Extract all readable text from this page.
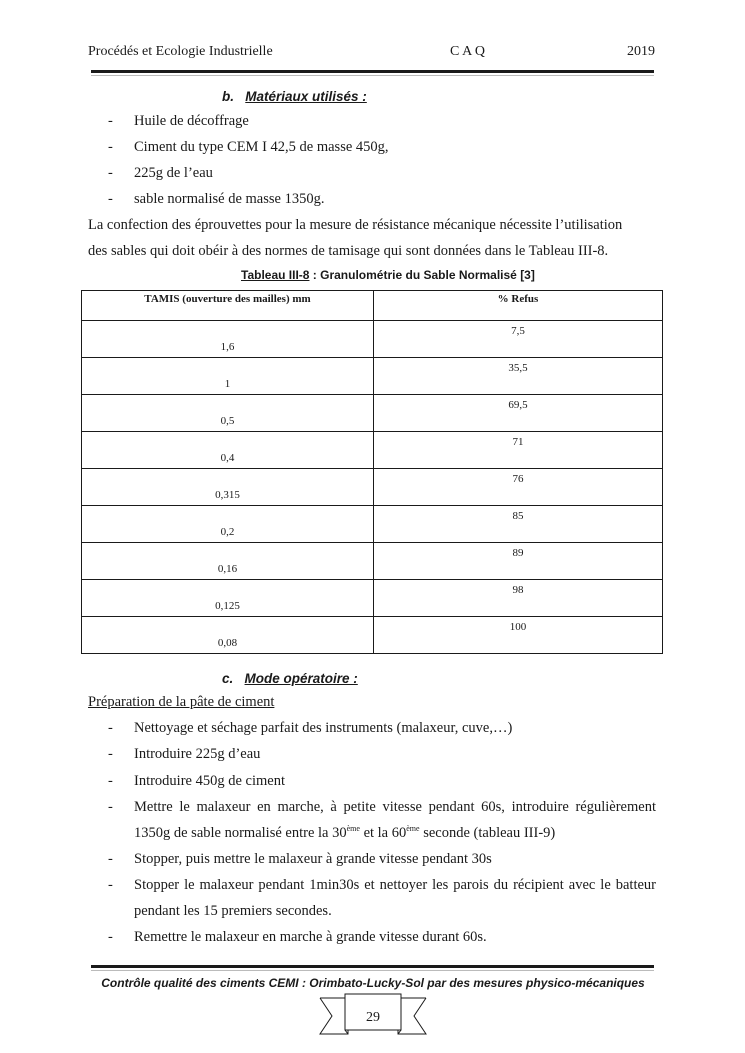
Procédés et Ecologie Industrielle	C A Q	2019
b. Matériaux utilisés :
- Huile de décoffrage
- Ciment du type CEM I 42,5 de masse 450g,
- 225g de l’eau
- sable normalisé de masse 1350g.
La confection des éprouvettes pour la mesure de résistance mécanique nécessite l’utilisation
des sables qui doit obéir à des normes de tamisage qui sont données dans le Tableau III-8.
Tableau III-8 : Granulométrie du Sable Normalisé [3]
TAMIS (ouverture des mailles) mm	% Refus

1,6	7,5

1	35,5

0,5	69,5

0,4	71

0,315	76

0,2	85

0,16	89

0,125	98

0,08	100
c. Mode opératoire :
Préparation de la pâte de ciment
- Nettoyage et séchage parfait des instruments (malaxeur, cuve,…)
- Introduire 225g d’eau
- Introduire 450g de ciment
- Mettre le malaxeur en marche, à petite vitesse pendant 60s, introduire régulièrement
1350g de sable normalisé entre la 30ème et la 60ème seconde (tableau III-9)
- Stopper, puis mettre le malaxeur à grande vitesse pendant 30s
- Stopper le malaxeur pendant 1min30s et nettoyer les parois du récipient avec le batteur
pendant les 15 premiers secondes.
- Remettre le malaxeur en marche à grande vitesse durant 60s.
Contrôle qualité des ciments CEMI : Orimbato-Lucky-Sol par des mesures physico-mécaniques
29
